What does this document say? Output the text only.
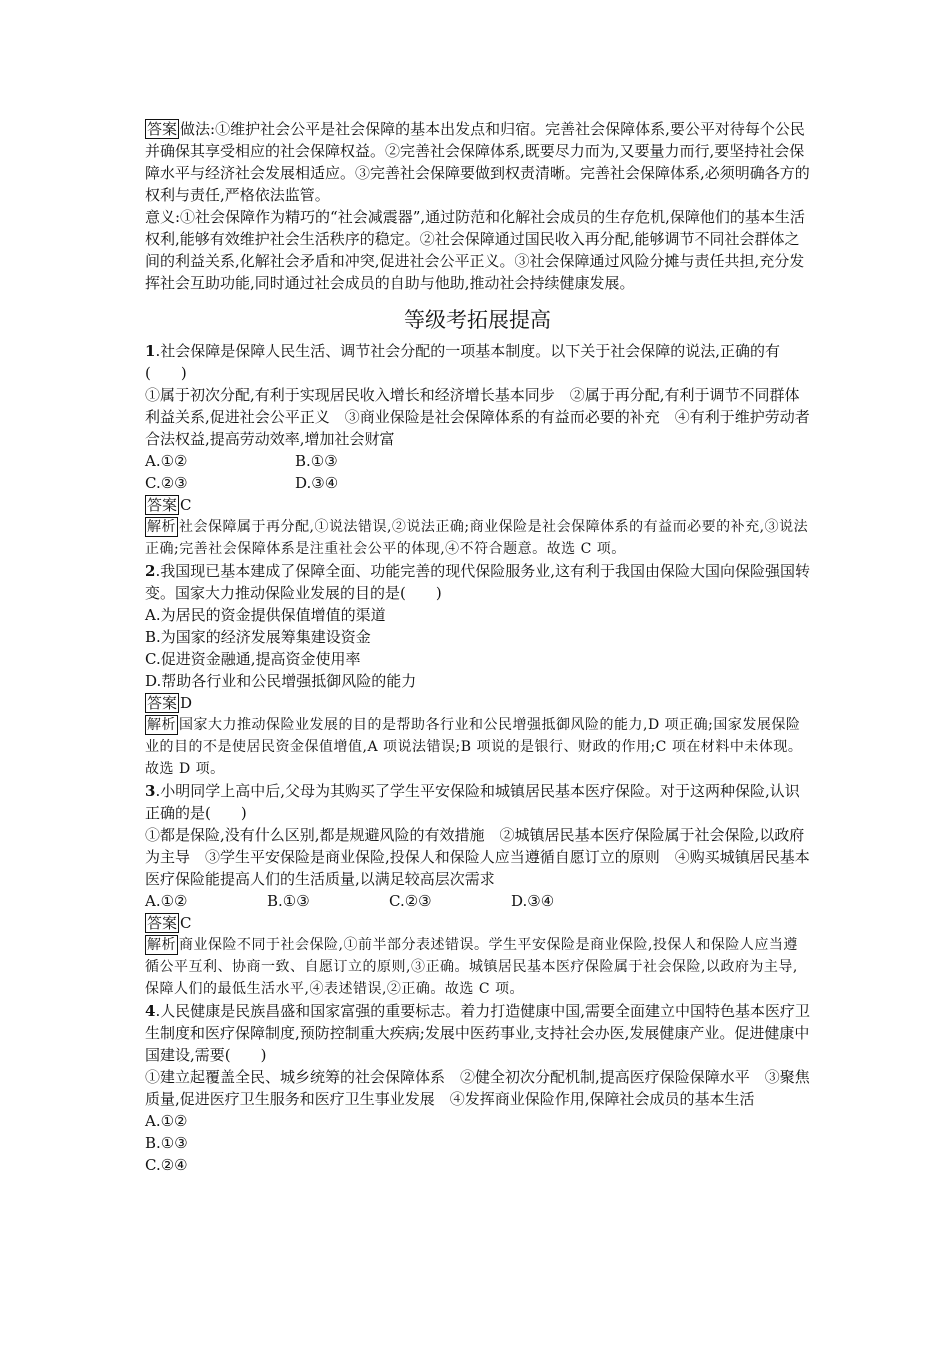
答案 做法:①维护社会公平是社会保障的基本出发点和归宿。完善社会保障体系,要公平对待每个公民并确保其享受相应的社会保障权益。②完善社会保障体系,既要尽力而为,又要量力而行,要坚持社会保障水平与经济社会发展相适应。③完善社会保障要做到权责清晰。完善社会保障体系,必须明确各方的权利与责任,严格依法监管。

意义:①社会保障作为精巧的“社会减震器”,通过防范和化解社会成员的生存危机,保障他们的基本生活权利,能够有效维护社会生活秩序的稳定。②社会保障通过国民收入再分配,能够调节不同社会群体之间的利益关系,化解社会矛盾和冲突,促进社会公平正义。③社会保障通过风险分摊与责任共担,充分发挥社会互助功能,同时通过社会成员的自助与他助,推动社会持续健康发展。

等级考拓展提高

1.社会保障是保障人民生活、调节社会分配的一项基本制度。以下关于社会保障的说法,正确的有(　　)

①属于初次分配,有利于实现居民收入增长和经济增长基本同步　②属于再分配,有利于调节不同群体利益关系,促进社会公平正义　③商业保险是社会保障体系的有益而必要的补充　④有利于维护劳动者合法权益,提高劳动效率,增加社会财富

A.①②	B.①③
C.②③	D.③④

答案 C

解析 社会保障属于再分配,①说法错误,②说法正确;商业保险是社会保障体系的有益而必要的补充,③说法正确;完善社会保障体系是注重社会公平的体现,④不符合题意。故选 C 项。

2.我国现已基本建成了保障全面、功能完善的现代保险服务业,这有利于我国由保险大国向保险强国转变。国家大力推动保险业发展的目的是(　　)

A.为居民的资金提供保值增值的渠道

B.为国家的经济发展筹集建设资金

C.促进资金融通,提高资金使用率

D.帮助各行业和公民增强抵御风险的能力

答案 D

解析 国家大力推动保险业发展的目的是帮助各行业和公民增强抵御风险的能力,D 项正确;国家发展保险业的目的不是使居民资金保值增值,A 项说法错误;B 项说的是银行、财政的作用;C 项在材料中未体现。故选 D 项。

3.小明同学上高中后,父母为其购买了学生平安保险和城镇居民基本医疗保险。对于这两种保险,认识正确的是(　　)

①都是保险,没有什么区别,都是规避风险的有效措施　②城镇居民基本医疗保险属于社会保险,以政府为主导　③学生平安保险是商业保险,投保人和保险人应当遵循自愿订立的原则　④购买城镇居民基本医疗保险能提高人们的生活质量,以满足较高层次需求

A.①②	B.①③	C.②③	D.③④

答案 C

解析 商业保险不同于社会保险,①前半部分表述错误。学生平安保险是商业保险,投保人和保险人应当遵循公平互利、协商一致、自愿订立的原则,③正确。城镇居民基本医疗保险属于社会保险,以政府为主导,保障人们的最低生活水平,④表述错误,②正确。故选 C 项。

4.人民健康是民族昌盛和国家富强的重要标志。着力打造健康中国,需要全面建立中国特色基本医疗卫生制度和医疗保障制度,预防控制重大疾病;发展中医药事业,支持社会办医,发展健康产业。促进健康中国建设,需要(　　)

①建立起覆盖全民、城乡统筹的社会保障体系　②健全初次分配机制,提高医疗保险保障水平　③聚焦质量,促进医疗卫生服务和医疗卫生事业发展　④发挥商业保险作用,保障社会成员的基本生活

A.①②

B.①③

C.②④
